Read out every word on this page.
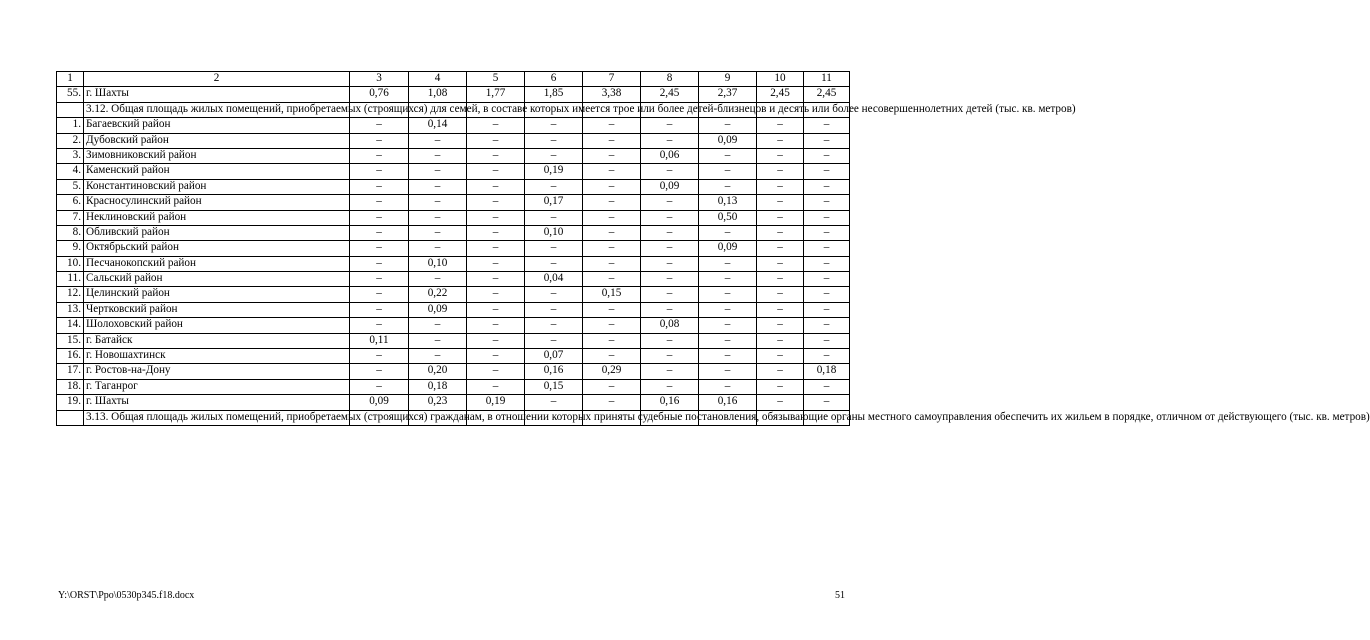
1	2	3	4	5	6	7	8	9	10	11
55.	г. Шахты	0,76	1,08	1,77	1,85	3,38	2,45	2,37	2,45	2,45
	3.12. Общая площадь жилых помещений, приобретаемых (строящихся) для семей, в составе которых имеется трое или более детей-близнецов и десять или более несовершеннолетних детей (тыс. кв. метров)									
1.	Багаевский район	–	0,14	–	–	–	–	–	–	–
2.	Дубовский район	–	–	–	–	–	–	0,09	–	–
3.	Зимовниковский район	–	–	–	–	–	0,06	–	–	–
4.	Каменский район	–	–	–	0,19	–	–	–	–	–
5.	Константиновский район	–	–	–	–	–	0,09	–	–	–
6.	Красносулинский район	–	–	–	0,17	–	–	0,13	–	–
7.	Неклиновский район	–	–	–	–	–	–	0,50	–	–
8.	Обливский район	–	–	–	0,10	–	–	–	–	–
9.	Октябрьский район	–	–	–	–	–	–	0,09	–	–
10.	Песчанокопский район	–	0,10	–	–	–	–	–	–	–
11.	Сальский район	–	–	–	0,04	–	–	–	–	–
12.	Целинский район	–	0,22	–	–	0,15	–	–	–	–
13.	Чертковский район	–	0,09	–	–	–	–	–	–	–
14.	Шолоховский район	–	–	–	–	–	0,08	–	–	–
15.	г. Батайск	0,11	–	–	–	–	–	–	–	–
16.	г. Новошахтинск	–	–	–	0,07	–	–	–	–	–
17.	г. Ростов-на-Дону	–	0,20	–	0,16	0,29	–	–	–	0,18
18.	г. Таганрог	–	0,18	–	0,15	–	–	–	–	–
19.	г. Шахты	0,09	0,23	0,19	–	–	0,16	0,16	–	–
	3.13. Общая площадь жилых помещений, приобретаемых (строящихся) гражданам, в отношении которых приняты судебные постановления, обязывающие органы местного самоуправления обеспечить их жильем в порядке, отличном от действующего (тыс. кв. метров)									
Y:\ORST\Ppo\0530p345.f18.docx	51
